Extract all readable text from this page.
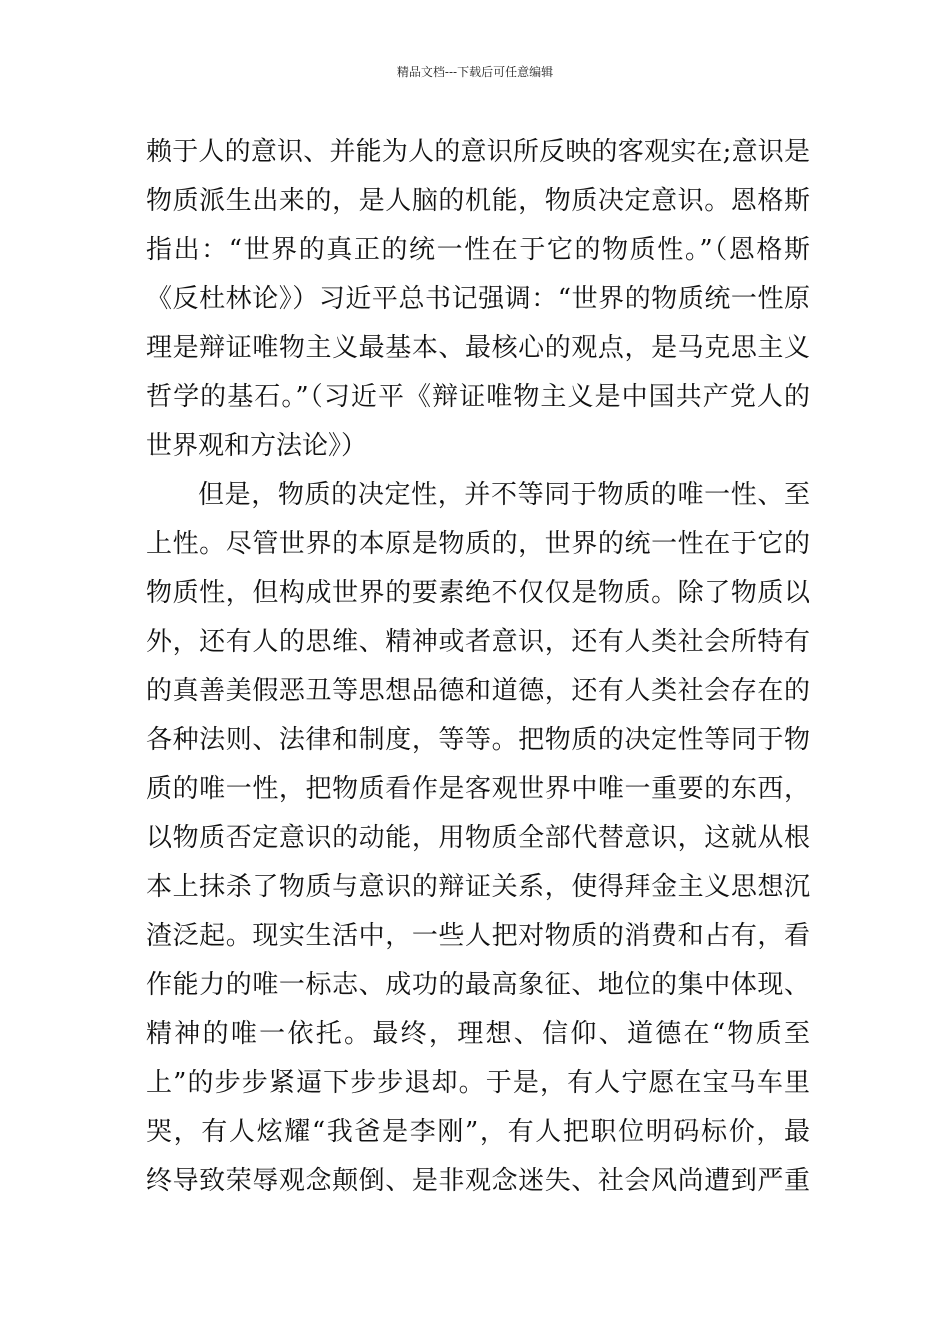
精品文档---下载后可任意编辑
赖于人的意识、并能为人的意识所反映的客观实在;意识是
物质派生出来的，是人脑的机能，物质决定意识。恩格斯
指出：“世界的真正的统一性在于它的物质性。”（恩格斯
《反杜林论》）习近平总书记强调：“世界的物质统一性原
理是辩证唯物主义最基本、最核心的观点，是马克思主义
哲学的基石。”（习近平《辩证唯物主义是中国共产党人的
世界观和方法论》）
但是，物质的决定性，并不等同于物质的唯一性、至
上性。尽管世界的本原是物质的，世界的统一性在于它的
物质性，但构成世界的要素绝不仅仅是物质。除了物质以
外，还有人的思维、精神或者意识，还有人类社会所特有
的真善美假恶丑等思想品德和道德，还有人类社会存在的
各种法则、法律和制度，等等。把物质的决定性等同于物
质的唯一性，把物质看作是客观世界中唯一重要的东西，
以物质否定意识的动能，用物质全部代替意识，这就从根
本上抹杀了物质与意识的辩证关系，使得拜金主义思想沉
渣泛起。现实生活中，一些人把对物质的消费和占有，看
作能力的唯一标志、成功的最高象征、地位的集中体现、
精神的唯一依托。最终，理想、信仰、道德在“物质至
上”的步步紧逼下步步退却。于是，有人宁愿在宝马车里
哭，有人炫耀“我爸是李刚”，有人把职位明码标价，最
终导致荣辱观念颠倒、是非观念迷失、社会风尚遭到严重
